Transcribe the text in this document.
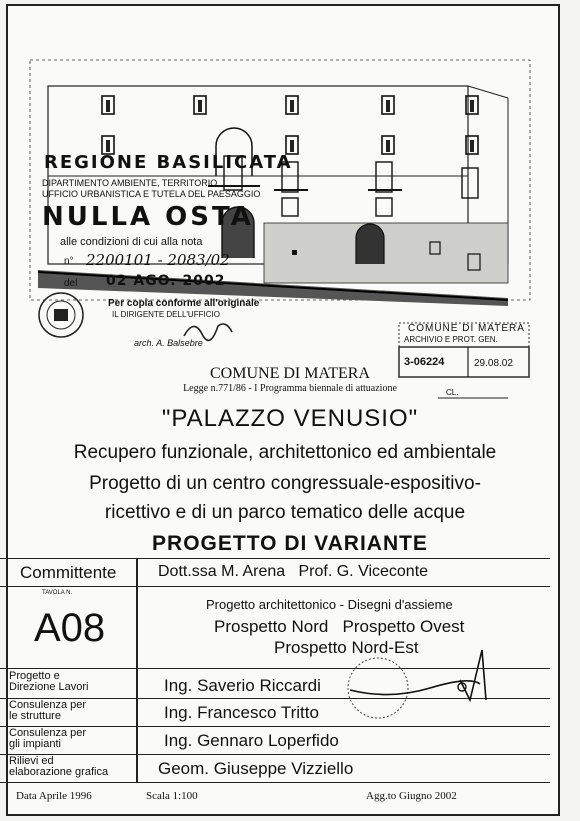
REGIONE BASILICATA
DIPARTIMENTO AMBIENTE, TERRITORIO
UFFICIO URBANISTICA E TUTELA DEL PAESAGGIO
NULLA OSTA
alle condizioni di cui alla nota
n° 2200101 - 2083/02
del 02 AGO. 2002
Per copia conforme all'originale
IL DIRIGENTE DELL'UFFICIO
arch. A. Balsebre
COMUNE DI MATERA
ARCHIVIO E PROT. GEN.
3-06224	29.08.02
CL.
COMUNE DI MATERA
Legge n.771/86 - I Programma biennale di attuazione
"PALAZZO VENUSIO"
Recupero funzionale, architettonico ed ambientale
Progetto di un centro congressuale-espositivo-
ricettivo e di un parco tematico delle acque
PROGETTO DI VARIANTE
Committente	Dott.ssa M. Arena   Prof. G. Viceconte
TAVOLA N.
A08
Progetto architettonico - Disegni d'assieme
Prospetto Nord   Prospetto Ovest
Prospetto Nord-Est
Progetto e
Direzione Lavori	Ing. Saverio Riccardi
Consulenza per
le strutture	Ing. Francesco Tritto
Consulenza per
gli impianti	Ing. Gennaro Loperfido
Rilievi ed
elaborazione grafica	Geom. Giuseppe Vizziello
Data Aprile 1996	Scala 1:100	Agg.to Giugno 2002
